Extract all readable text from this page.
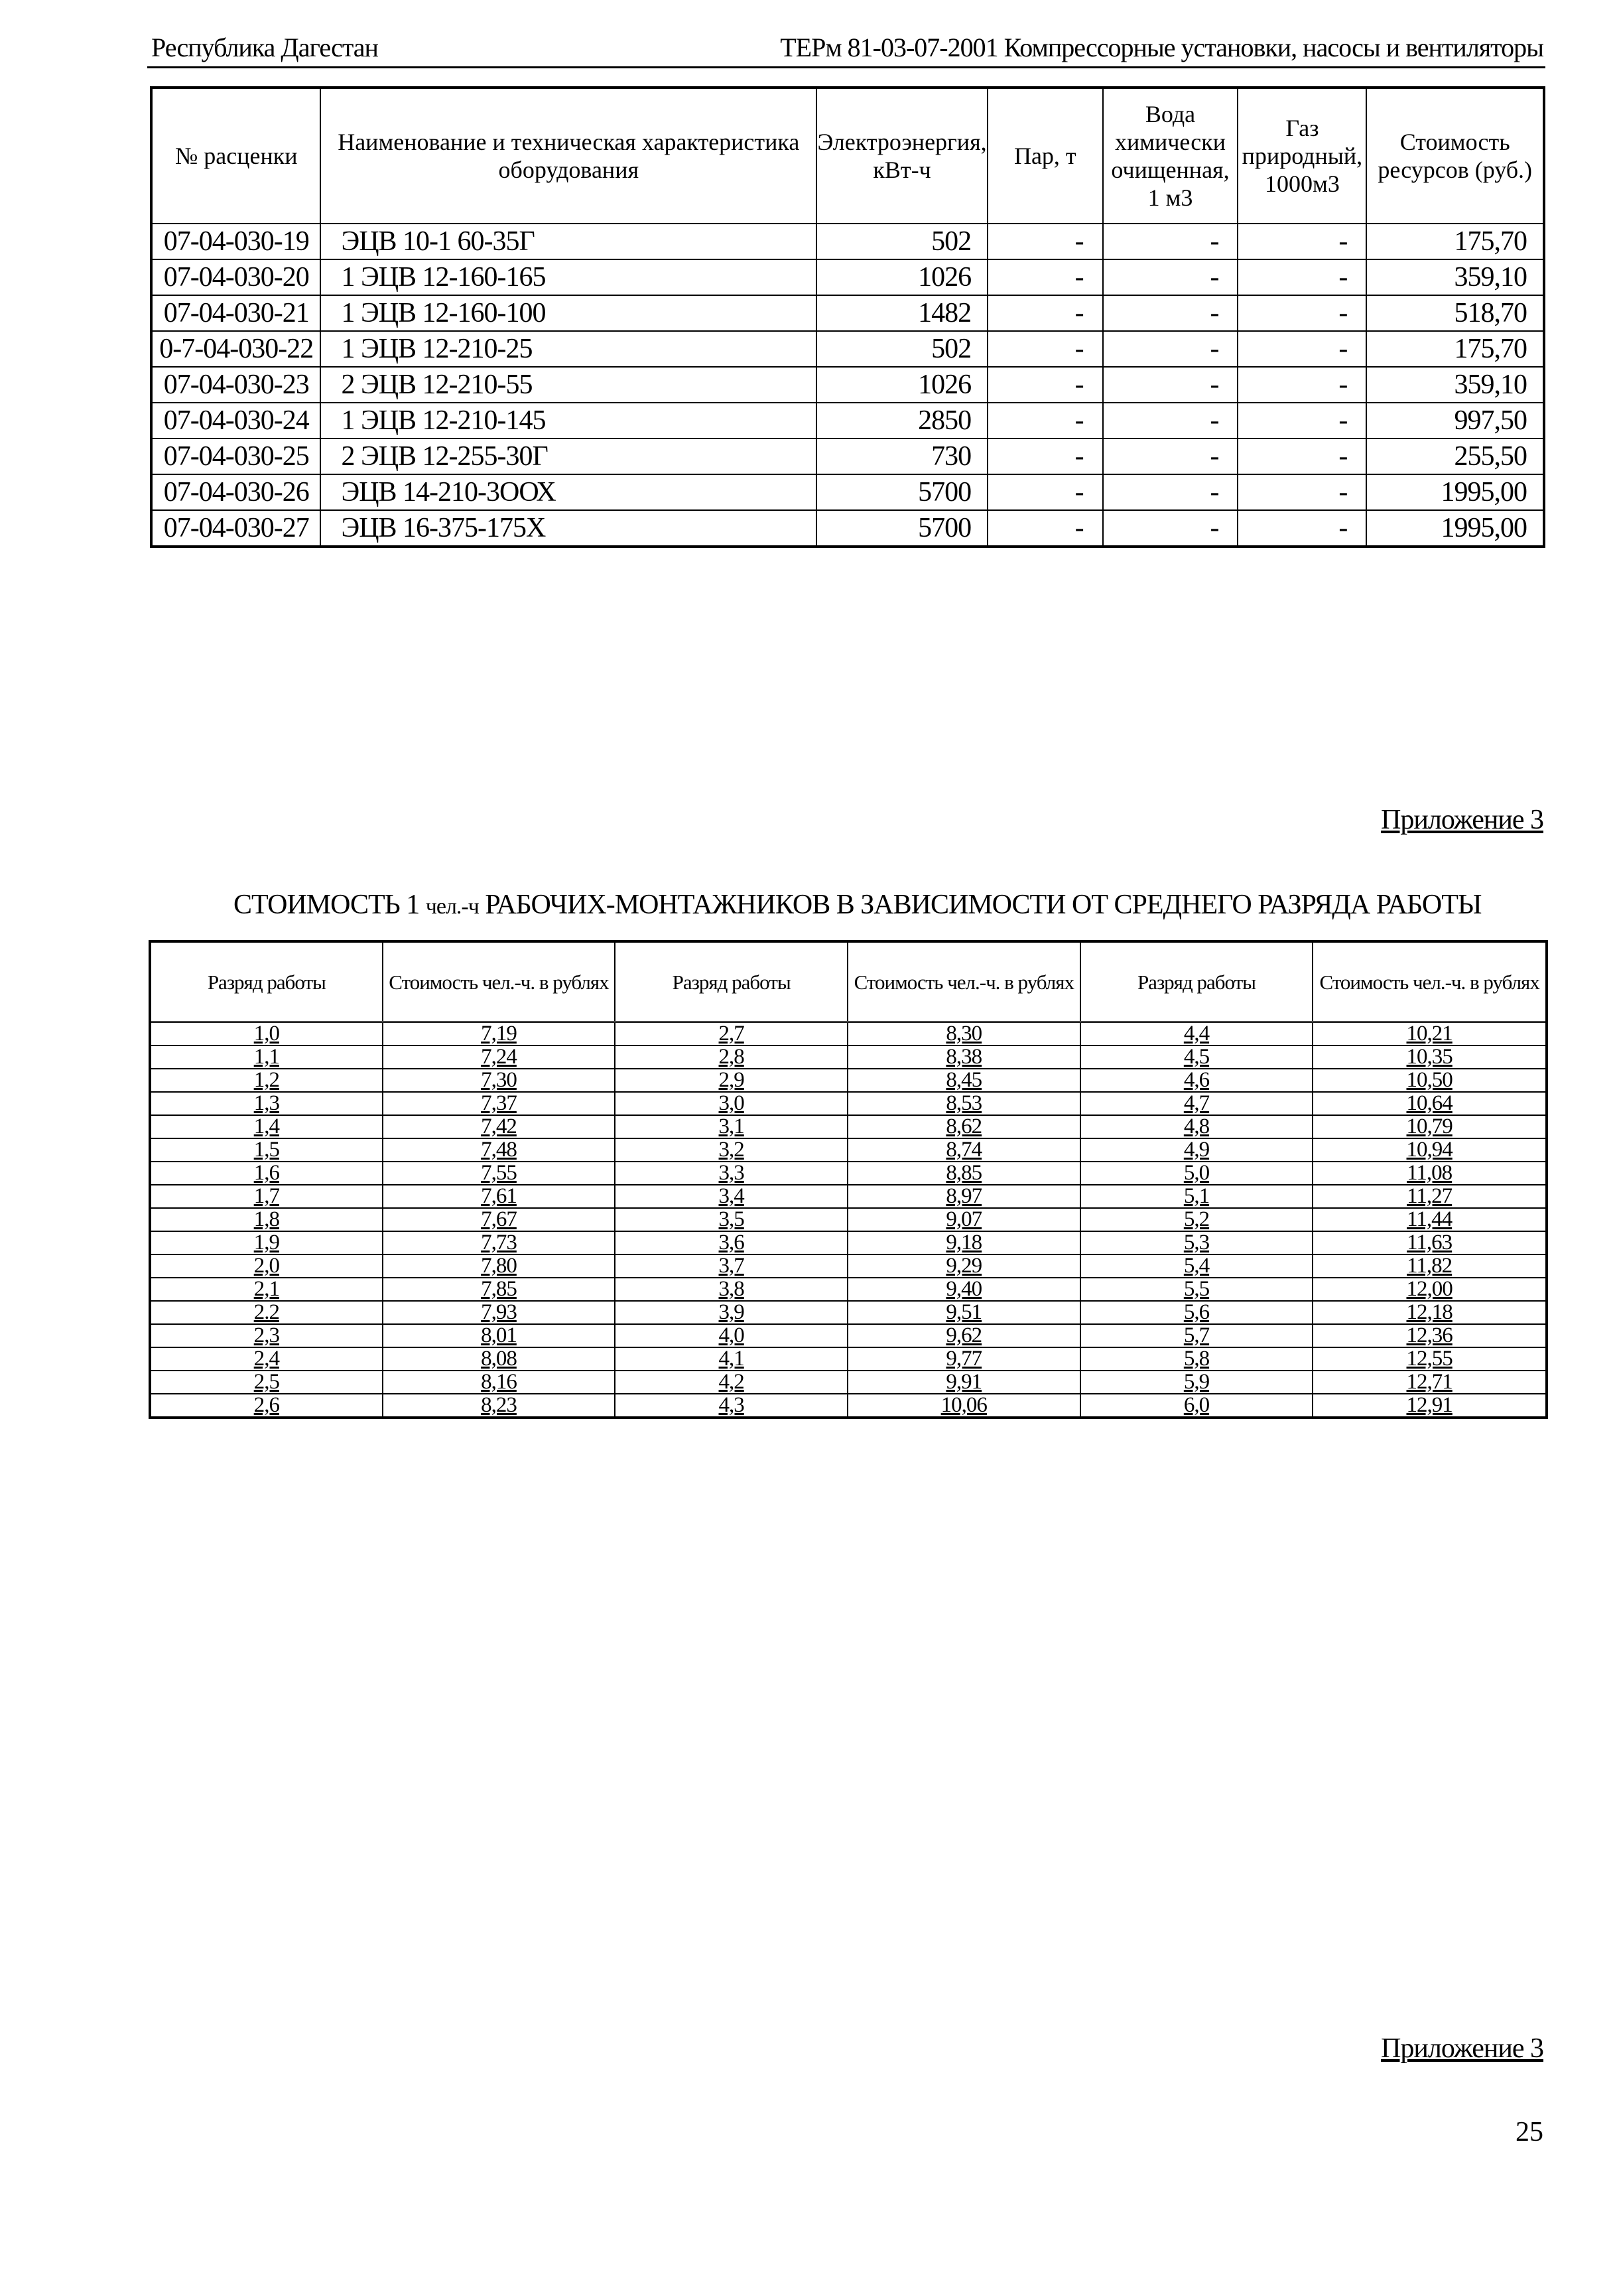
Республика Дагестан	ТЕРм 81-03-07-2001 Компрессорные установки, насосы и вентиляторы
№ расценки	Наименование и техническая характеристика оборудования	Электроэнергия, кВт-ч	Пар, т	Вода химически очищенная, 1 м3	Газ природный, 1000м3	Стоимость ресурсов (руб.)
07-04-030-19	ЭЦВ 10-1 60-35Г	502	-	-	-	175,70
07-04-030-20	1 ЭЦВ 12-160-165	1026	-	-	-	359,10
07-04-030-21	1 ЭЦВ 12-160-100	1482	-	-	-	518,70
0-7-04-030-22	1 ЭЦВ 12-210-25	502	-	-	-	175,70
07-04-030-23	2 ЭЦВ 12-210-55	1026	-	-	-	359,10
07-04-030-24	1 ЭЦВ 12-210-145	2850	-	-	-	997,50
07-04-030-25	2 ЭЦВ 12-255-30Г	730	-	-	-	255,50
07-04-030-26	ЭЦВ 14-210-3ООХ	5700	-	-	-	1995,00
07-04-030-27	ЭЦВ 16-375-175Х	5700	-	-	-	1995,00
Приложение 3
СТОИМОСТЬ 1 чел.-ч РАБОЧИХ-МОНТАЖНИКОВ В ЗАВИСИМОСТИ ОТ СРЕДНЕГО РАЗРЯДА РАБОТЫ
Разряд работы	Стоимость чел.-ч. в рублях	Разряд работы	Стоимость чел.-ч. в рублях	Разряд работы	Стоимость чел.-ч. в рублях
1,0	7,19	2,7	8,30	4,4	10,21
1,1	7,24	2,8	8,38	4,5	10,35
1,2	7,30	2,9	8,45	4,6	10,50
1,3	7,37	3,0	8,53	4,7	10,64
1,4	7,42	3,1	8,62	4,8	10,79
1,5	7,48	3,2	8,74	4,9	10,94
1,6	7,55	3,3	8,85	5,0	11,08
1,7	7,61	3,4	8,97	5,1	11,27
1,8	7,67	3,5	9,07	5,2	11,44
1,9	7,73	3,6	9,18	5,3	11,63
2,0	7,80	3,7	9,29	5,4	11,82
2,1	7,85	3,8	9,40	5,5	12,00
2.2	7,93	3,9	9,51	5,6	12,18
2,3	8,01	4,0	9,62	5,7	12,36
2,4	8,08	4,1	9,77	5,8	12,55
2,5	8,16	4,2	9,91	5,9	12,71
2,6	8,23	4,3	10,06	6,0	12,91
Приложение 3
25
